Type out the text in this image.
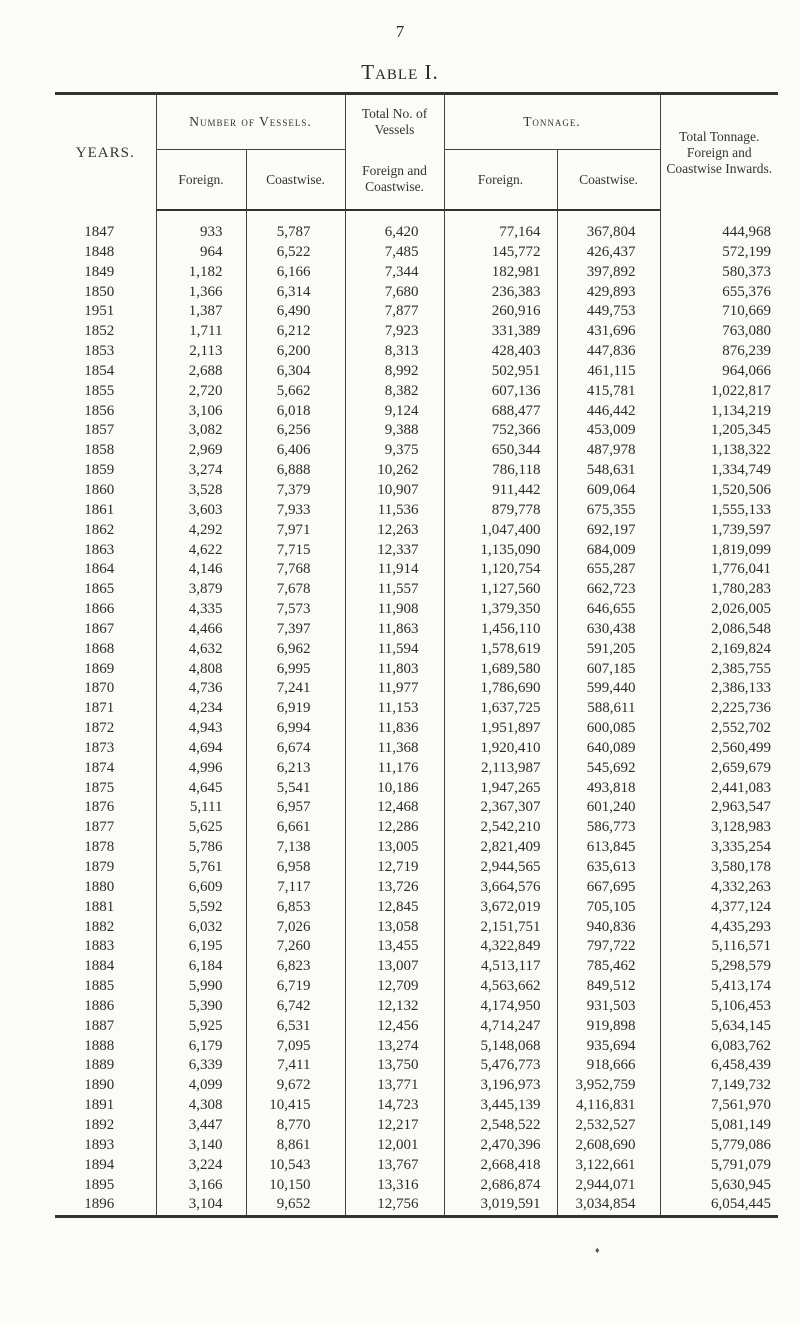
7
Table I.
YEARS.	Number of Vessels.		Total No. of Vessels	Tonnage.		Total Tonnage. Foreign and Coastwise Inwards.
	Foreign.	Coastwise.	Foreign and Coastwise.	Foreign.	Coastwise.	
1847	933	5,787	6,420	77,164	367,804	444,968
1848	964	6,522	7,485	145,772	426,437	572,199
1849	1,182	6,166	7,344	182,981	397,892	580,373
1850	1,366	6,314	7,680	236,383	429,893	655,376
1951	1,387	6,490	7,877	260,916	449,753	710,669
1852	1,711	6,212	7,923	331,389	431,696	763,080
1853	2,113	6,200	8,313	428,403	447,836	876,239
1854	2,688	6,304	8,992	502,951	461,115	964,066
1855	2,720	5,662	8,382	607,136	415,781	1,022,817
1856	3,106	6,018	9,124	688,477	446,442	1,134,219
1857	3,082	6,256	9,388	752,366	453,009	1,205,345
1858	2,969	6,406	9,375	650,344	487,978	1,138,322
1859	3,274	6,888	10,262	786,118	548,631	1,334,749
1860	3,528	7,379	10,907	911,442	609,064	1,520,506
1861	3,603	7,933	11,536	879,778	675,355	1,555,133
1862	4,292	7,971	12,263	1,047,400	692,197	1,739,597
1863	4,622	7,715	12,337	1,135,090	684,009	1,819,099
1864	4,146	7,768	11,914	1,120,754	655,287	1,776,041
1865	3,879	7,678	11,557	1,127,560	662,723	1,780,283
1866	4,335	7,573	11,908	1,379,350	646,655	2,026,005
1867	4,466	7,397	11,863	1,456,110	630,438	2,086,548
1868	4,632	6,962	11,594	1,578,619	591,205	2,169,824
1869	4,808	6,995	11,803	1,689,580	607,185	2,385,755
1870	4,736	7,241	11,977	1,786,690	599,440	2,386,133
1871	4,234	6,919	11,153	1,637,725	588,611	2,225,736
1872	4,943	6,994	11,836	1,951,897	600,085	2,552,702
1873	4,694	6,674	11,368	1,920,410	640,089	2,560,499
1874	4,996	6,213	11,176	2,113,987	545,692	2,659,679
1875	4,645	5,541	10,186	1,947,265	493,818	2,441,083
1876	5,111	6,957	12,468	2,367,307	601,240	2,963,547
1877	5,625	6,661	12,286	2,542,210	586,773	3,128,983
1878	5,786	7,138	13,005	2,821,409	613,845	3,335,254
1879	5,761	6,958	12,719	2,944,565	635,613	3,580,178
1880	6,609	7,117	13,726	3,664,576	667,695	4,332,263
1881	5,592	6,853	12,845	3,672,019	705,105	4,377,124
1882	6,032	7,026	13,058	2,151,751	940,836	4,435,293
1883	6,195	7,260	13,455	4,322,849	797,722	5,116,571
1884	6,184	6,823	13,007	4,513,117	785,462	5,298,579
1885	5,990	6,719	12,709	4,563,662	849,512	5,413,174
1886	5,390	6,742	12,132	4,174,950	931,503	5,106,453
1887	5,925	6,531	12,456	4,714,247	919,898	5,634,145
1888	6,179	7,095	13,274	5,148,068	935,694	6,083,762
1889	6,339	7,411	13,750	5,476,773	918,666	6,458,439
1890	4,099	9,672	13,771	3,196,973	3,952,759	7,149,732
1891	4,308	10,415	14,723	3,445,139	4,116,831	7,561,970
1892	3,447	8,770	12,217	2,548,522	2,532,527	5,081,149
1893	3,140	8,861	12,001	2,470,396	2,608,690	5,779,086
1894	3,224	10,543	13,767	2,668,418	3,122,661	5,791,079
1895	3,166	10,150	13,316	2,686,874	2,944,071	5,630,945
1896	3,104	9,652	12,756	3,019,591	3,034,854	6,054,445
♦
